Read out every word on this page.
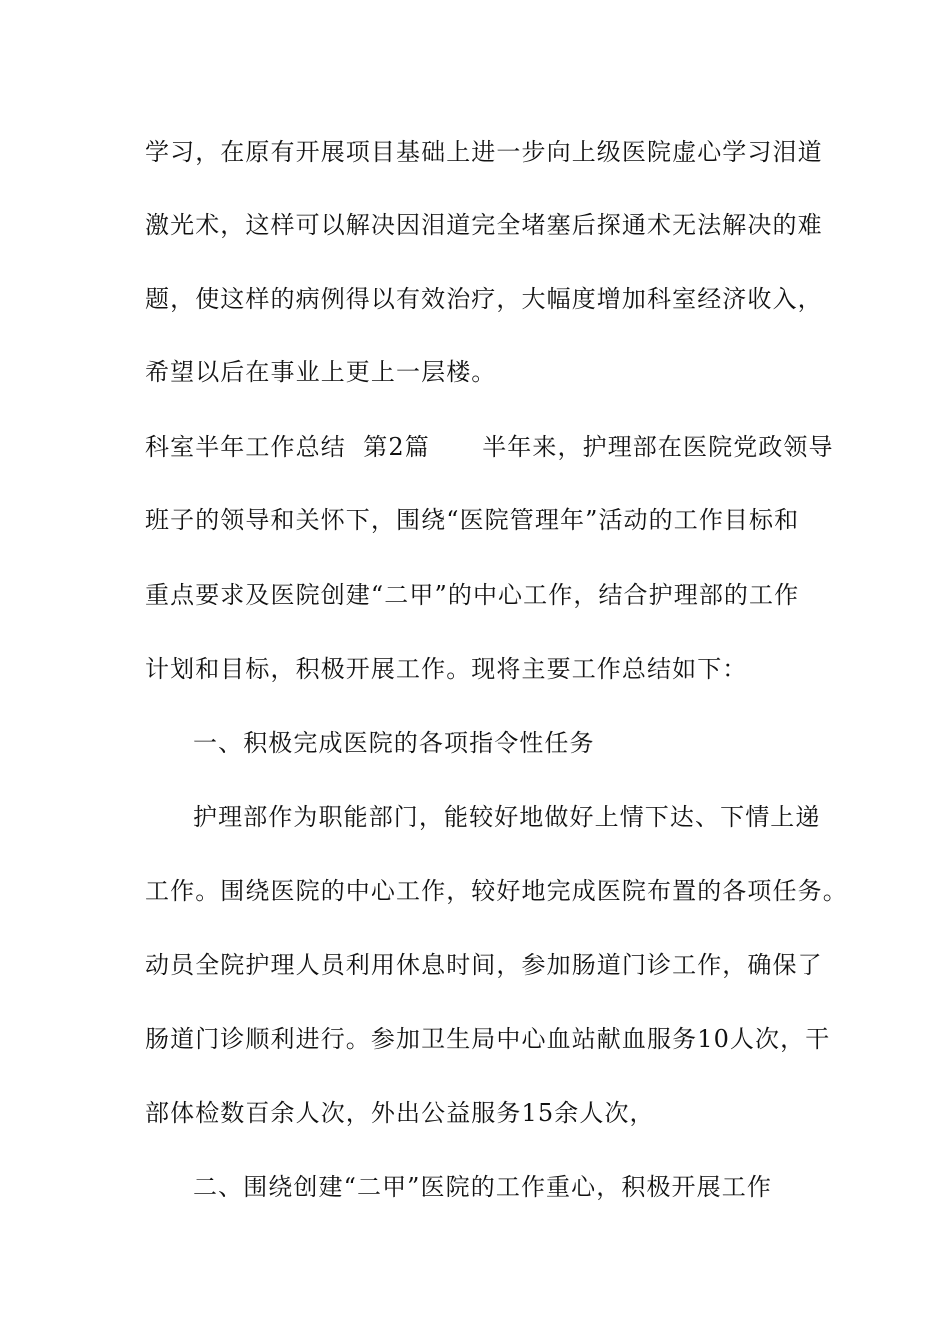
学习，在原有开展项目基础上进一步向上级医院虚心学习泪道
激光术，这样可以解决因泪道完全堵塞后探通术无法解决的难
题，使这样的病例得以有效治疗，大幅度增加科室经济收入，
希望以后在事业上更上一层楼。
科室半年工作总结  第2篇      半年来，护理部在医院党政领导
班子的领导和关怀下，围绕“医院管理年”活动的工作目标和
重点要求及医院创建“二甲”的中心工作，结合护理部的工作
计划和目标，积极开展工作。现将主要工作总结如下：
一、积极完成医院的各项指令性任务
护理部作为职能部门，能较好地做好上情下达、下情上递
工作。围绕医院的中心工作，较好地完成医院布置的各项任务。
动员全院护理人员利用休息时间，参加肠道门诊工作，确保了
肠道门诊顺利进行。参加卫生局中心血站献血服务10人次，干
部体检数百余人次，外出公益服务15余人次，
二、围绕创建“二甲”医院的工作重心，积极开展工作
